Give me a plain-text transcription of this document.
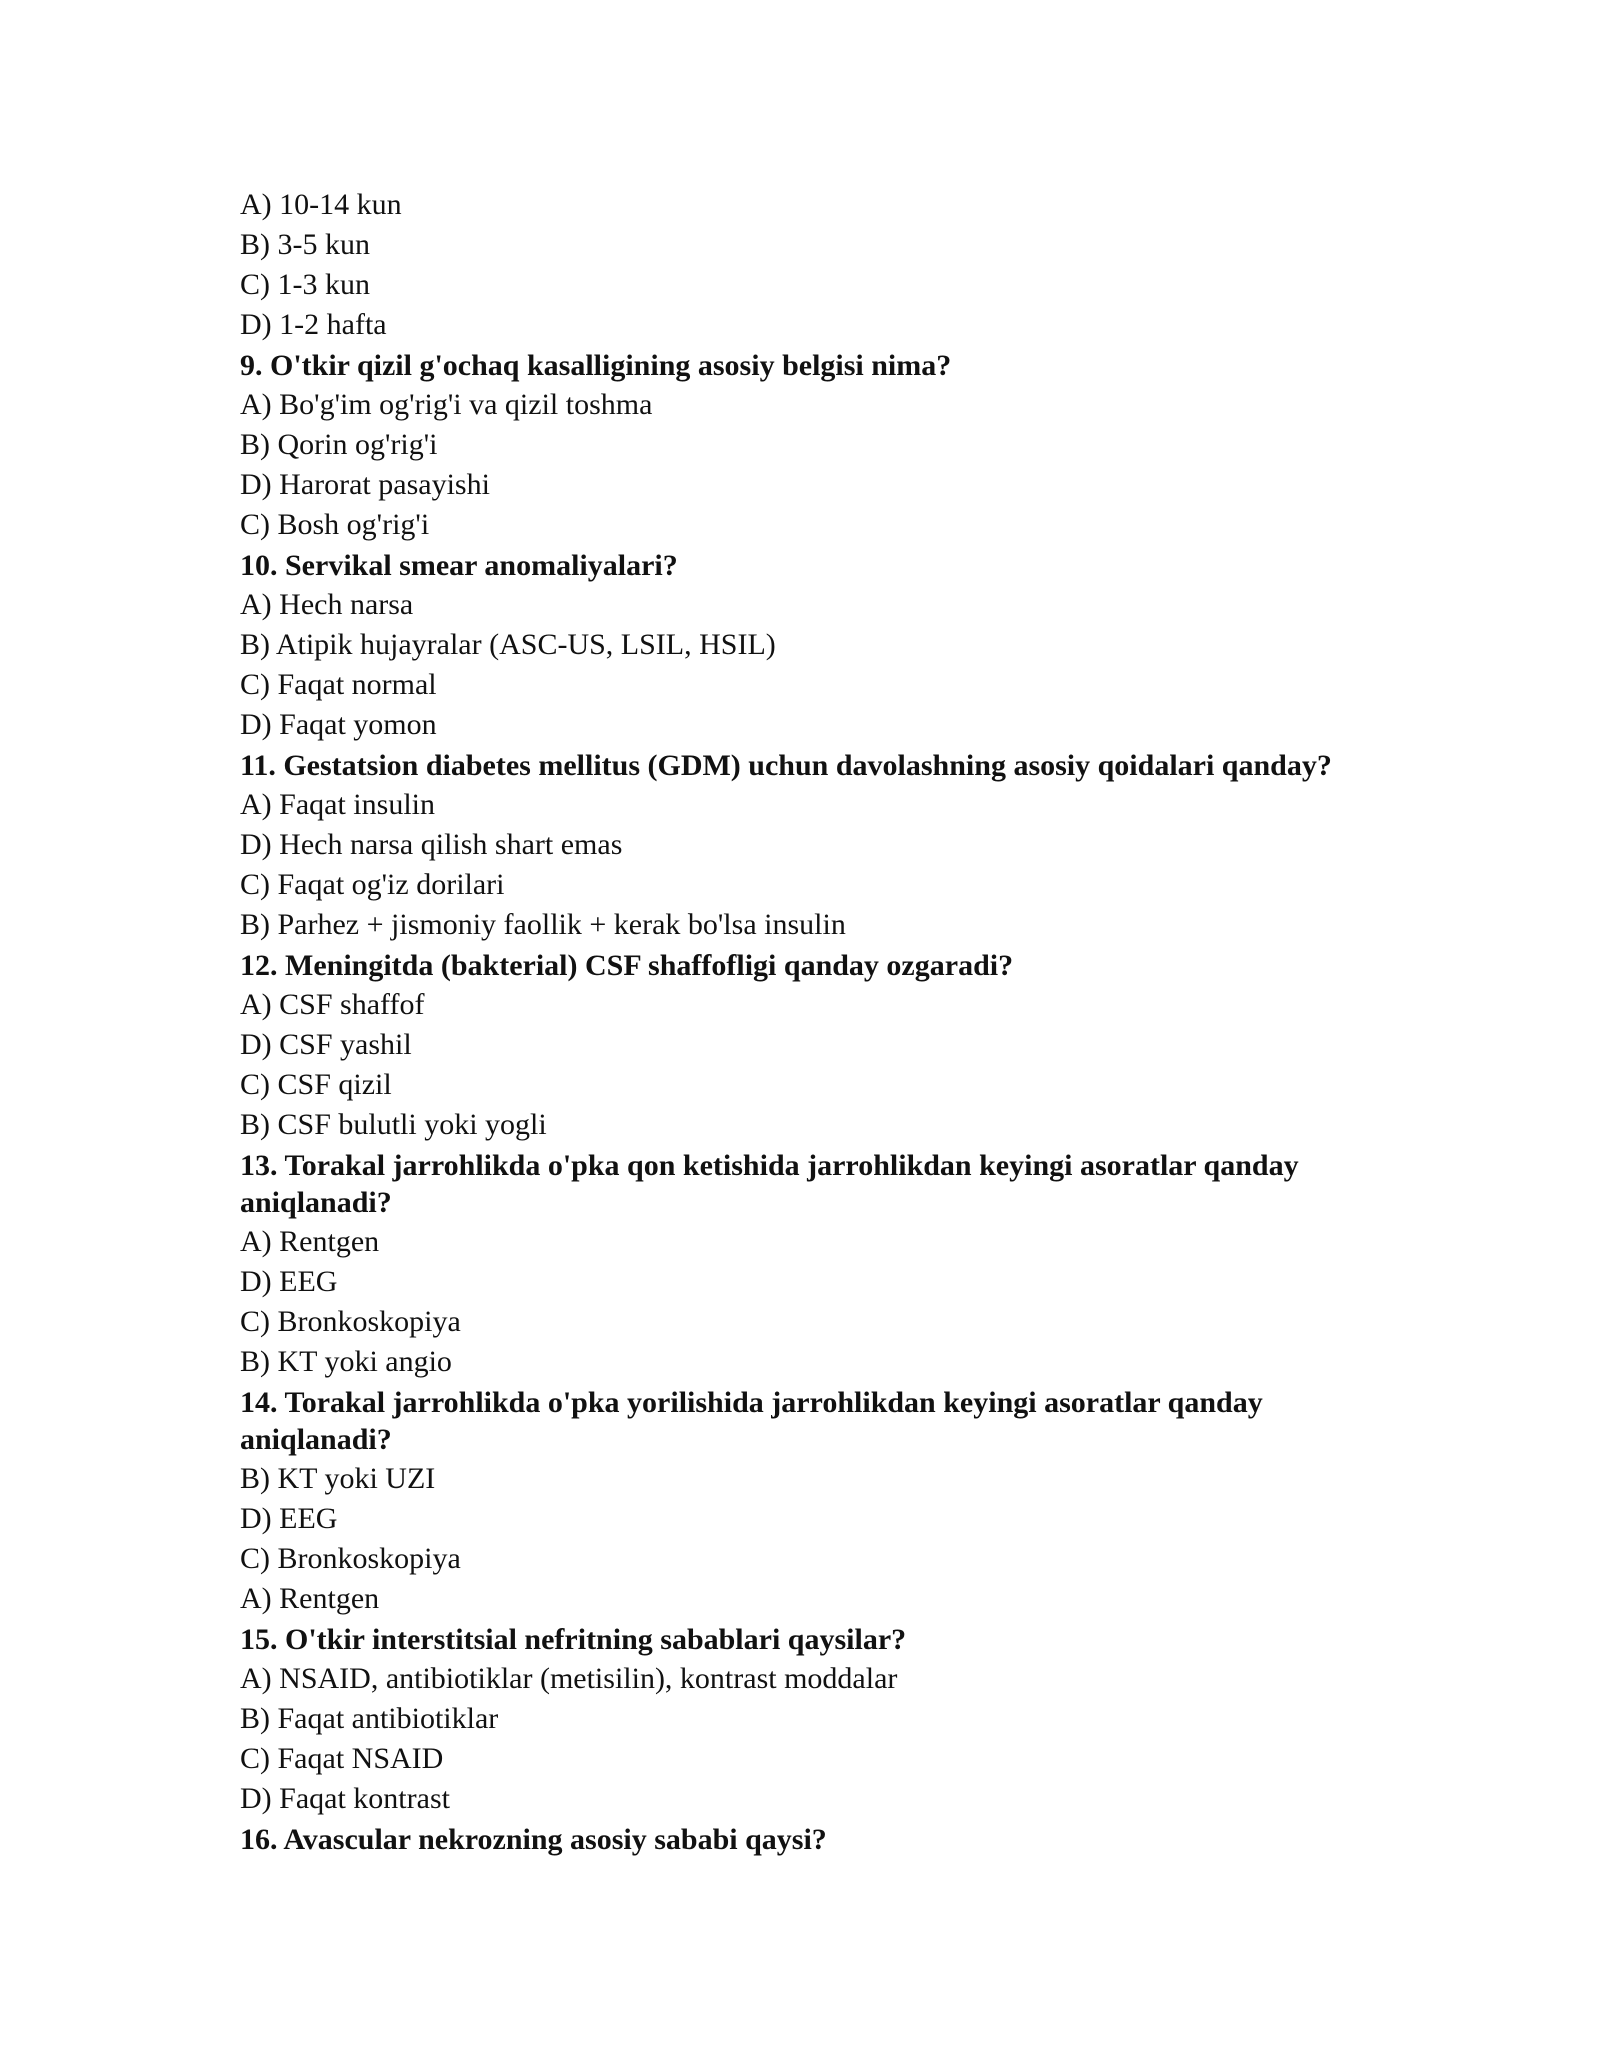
A) 10-14 kun
B) 3-5 kun
C) 1-3 kun
D) 1-2 hafta
9. O'tkir qizil g'ochaq kasalligining asosiy belgisi nima?
A) Bo'g'im og'rig'i va qizil toshma
B) Qorin og'rig'i
D) Harorat pasayishi
C) Bosh og'rig'i
10. Servikal smear anomaliyalari?
A) Hech narsa
B) Atipik hujayralar (ASC-US, LSIL, HSIL)
C) Faqat normal
D) Faqat yomon
11. Gestatsion diabetes mellitus (GDM) uchun davolashning asosiy qoidalari qanday?
A) Faqat insulin
D) Hech narsa qilish shart emas
C) Faqat og'iz dorilari
B) Parhez + jismoniy faollik + kerak bo'lsa insulin
12. Meningitda (bakterial) CSF shaffofligi qanday ozgaradi?
A) CSF shaffof
D) CSF yashil
C) CSF qizil
B) CSF bulutli yoki yogli
13. Torakal jarrohlikda o'pka qon ketishida jarrohlikdan keyingi asoratlar qanday aniqlanadi?
A) Rentgen
D) EEG
C) Bronkoskopiya
B) KT yoki angio
14. Torakal jarrohlikda o'pka yorilishida jarrohlikdan keyingi asoratlar qanday aniqlanadi?
B) KT yoki UZI
D) EEG
C) Bronkoskopiya
A) Rentgen
15. O'tkir interstitsial nefritning sabablari qaysilar?
A) NSAID, antibiotiklar (metisilin), kontrast moddalar
B) Faqat antibiotiklar
C) Faqat NSAID
D) Faqat kontrast
16. Avascular nekrozning asosiy sababi qaysi?
